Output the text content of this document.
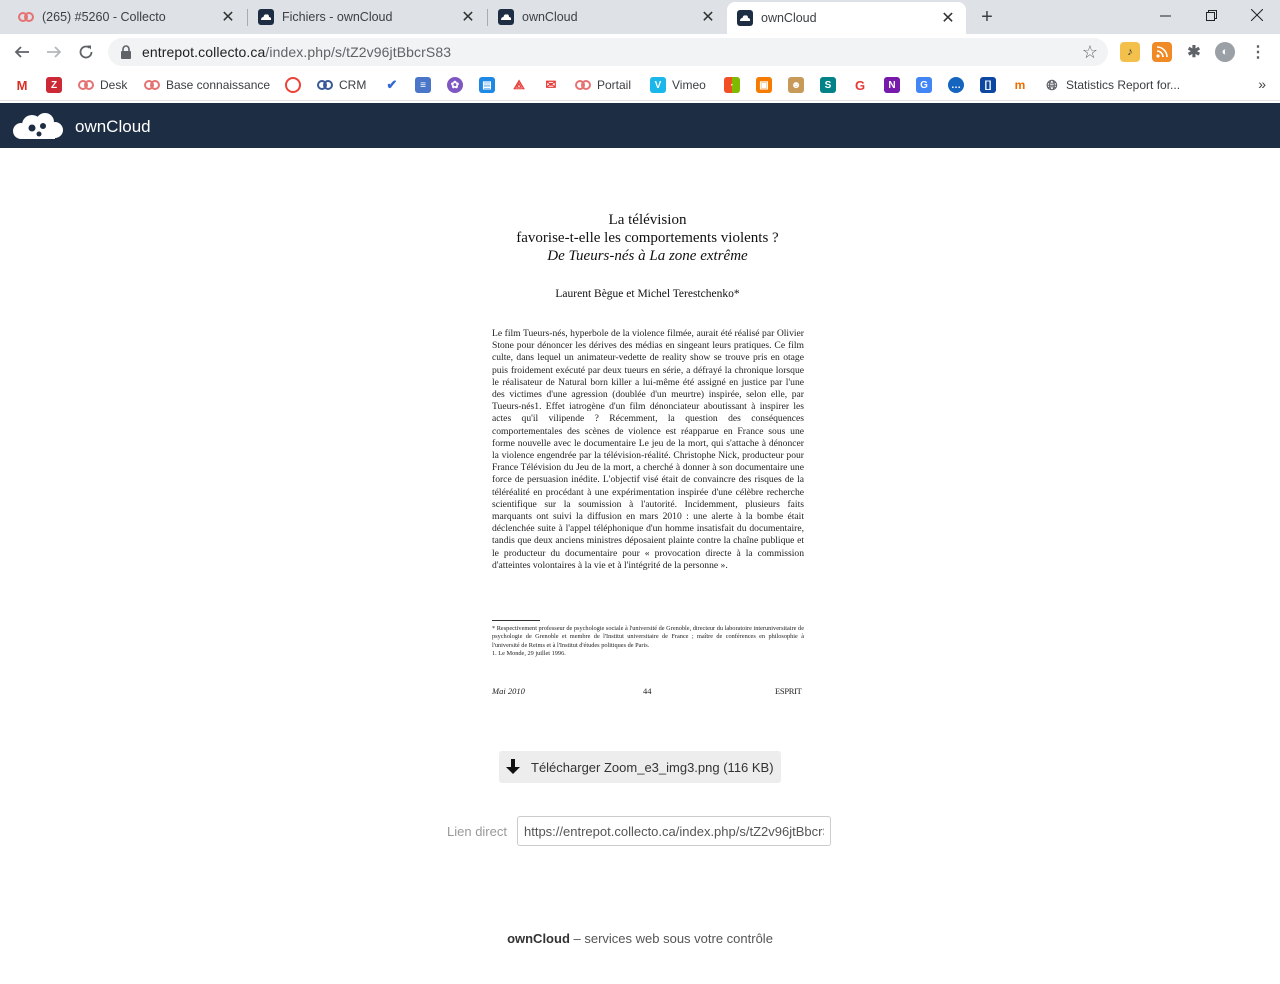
(265) #5260 - Collecto	✕	Fichiers - ownCloud	✕	ownCloud	✕	ownCloud	✕ +
entrepot.collecto.ca/index.php/s/tZ2v96jtBbcrS83	☆	♪	✱	◐	⋮
M	Z	Desk	Base connaissance	CRM ✔	≡	✿	▤ ⟁ ✉	Portail	V Vimeo	·	▣	☻	S	G	N	G	…	[]	m 🌐︎ Statistics Report for...	»
ownCloud
La télévision
favorise-t-elle les comportements violents ?
De Tueurs-nés à La zone extrême
Laurent Bègue et Michel Terestchenko*
Le film Tueurs-nés, hyperbole de la violence filmée, aurait été réalisé par Olivier Stone pour dénoncer les dérives des médias en singeant leurs pratiques. Ce film culte, dans lequel un animateur-vedette de reality show se trouve pris en otage puis froidement exécuté par deux tueurs en série, a défrayé la chronique lorsque le réalisateur de Natural born killer a lui-même été assigné en justice par l'une des victimes d'une agression (doublée d'un meurtre) inspirée, selon elle, par Tueurs-nés1. Effet iatrogène d'un film dénonciateur aboutissant à inspirer les actes qu'il vilipende ? Récemment, la question des conséquences comportementales des scènes de violence est réapparue en France sous une forme nouvelle avec le documentaire Le jeu de la mort, qui s'attache à dénoncer la violence engendrée par la télévision-réalité. Christophe Nick, producteur pour France Télévision du Jeu de la mort, a cherché à donner à son documentaire une force de persuasion inédite. L'objectif visé était de convaincre des risques de la téléréalité en procédant à une expérimentation inspirée d'une célèbre recherche scientifique sur la soumission à l'autorité. Incidemment, plusieurs faits marquants ont suivi la diffusion en mars 2010 : une alerte à la bombe était déclenchée suite à l'appel téléphonique d'un homme insatisfait du documentaire, tandis que deux anciens ministres déposaient plainte contre la chaîne publique et le producteur du documentaire pour « provocation directe à la commission d'atteintes volontaires à la vie et à l'intégrité de la personne ».
* Respectivement professeur de psychologie sociale à l'université de Grenoble, directeur du laboratoire interuniversitaire de psychologie de Grenoble et membre de l'Institut universitaire de France ; maître de conférences en philosophie à l'université de Reims et à l'Institut d'études politiques de Paris.
1. Le Monde, 29 juillet 1996.
Mai 2010	44	ESPRIT
Télécharger Zoom_e3_img3.png (116 KB)
Lien direct
https://entrepot.collecto.ca/index.php/s/tZ2v96jtBbcrS83
ownCloud – services web sous votre contrôle
